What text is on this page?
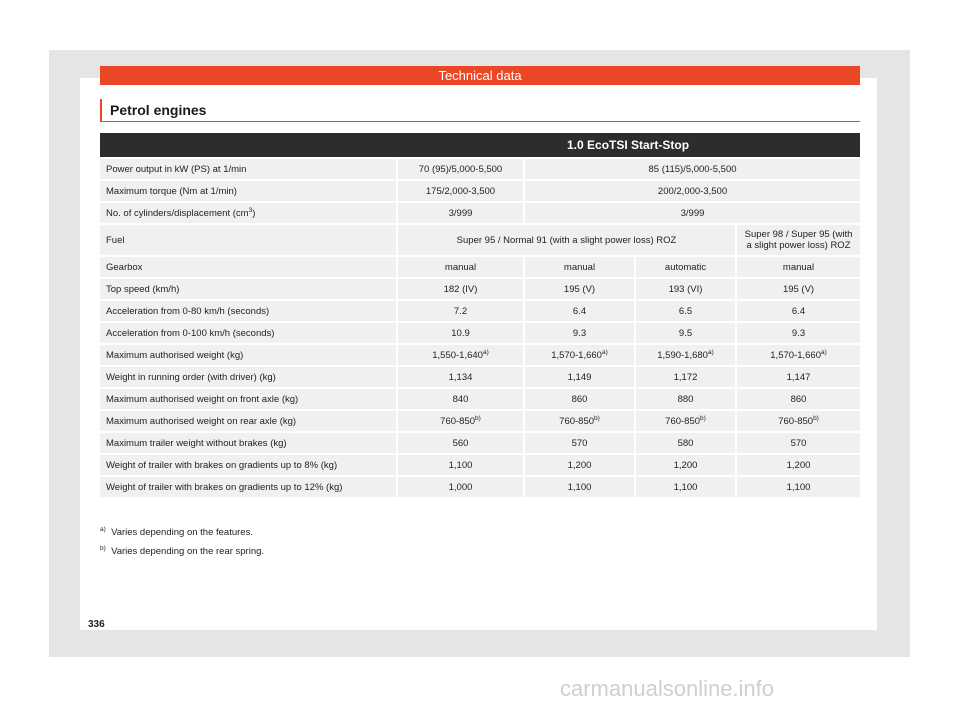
Technical data
Petrol engines
	1.0 EcoTSI Start-Stop			
Power output in kW (PS) at 1/min	70 (95)/5,000-5,500	85 (115)/5,000-5,500		
Maximum torque (Nm at 1/min)	175/2,000-3,500	200/2,000-3,500		
No. of cylinders/displacement $(cm^3)$	3/999	3/999		
Fuel	Super 95 / Normal 91 (with a slight power loss) ROZ			Super 98 / Super 95 (with a slight power loss) ROZ
Gearbox	manual	manual	automatic	manual
Top speed (km/h)	182 (IV)	195 (V)	193 (VI)	195 (V)
Acceleration from 0-80 km/h (seconds)	7.2	6.4	6.5	6.4
Acceleration from 0-100 km/h (seconds)	10.9	9.3	9.5	9.3
Maximum authorised weight (kg)	1,550-1,640$^{a)}$	1,570-1,660$^{a)}$	1,590-1,680$^{a)}$	1,570-1,660$^{a)}$
Weight in running order (with driver) (kg)	1,134	1,149	1,172	1,147
Maximum authorised weight on front axle (kg)	840	860	880	860
Maximum authorised weight on rear axle (kg)	760-850$^{b)}$	760-850$^{b)}$	760-850$^{b)}$	760-850$^{b)}$
Maximum trailer weight without brakes (kg)	560	570	580	570
Weight of trailer with brakes on gradients up to 8% (kg)	1,100	1,200	1,200	1,200
Weight of trailer with brakes on gradients up to 12% (kg)	1,000	1,100	1,100	1,100
$^{a)}$ Varies depending on the features.
$^{b)}$ Varies depending on the rear spring.
336
carmanualsonline.info
